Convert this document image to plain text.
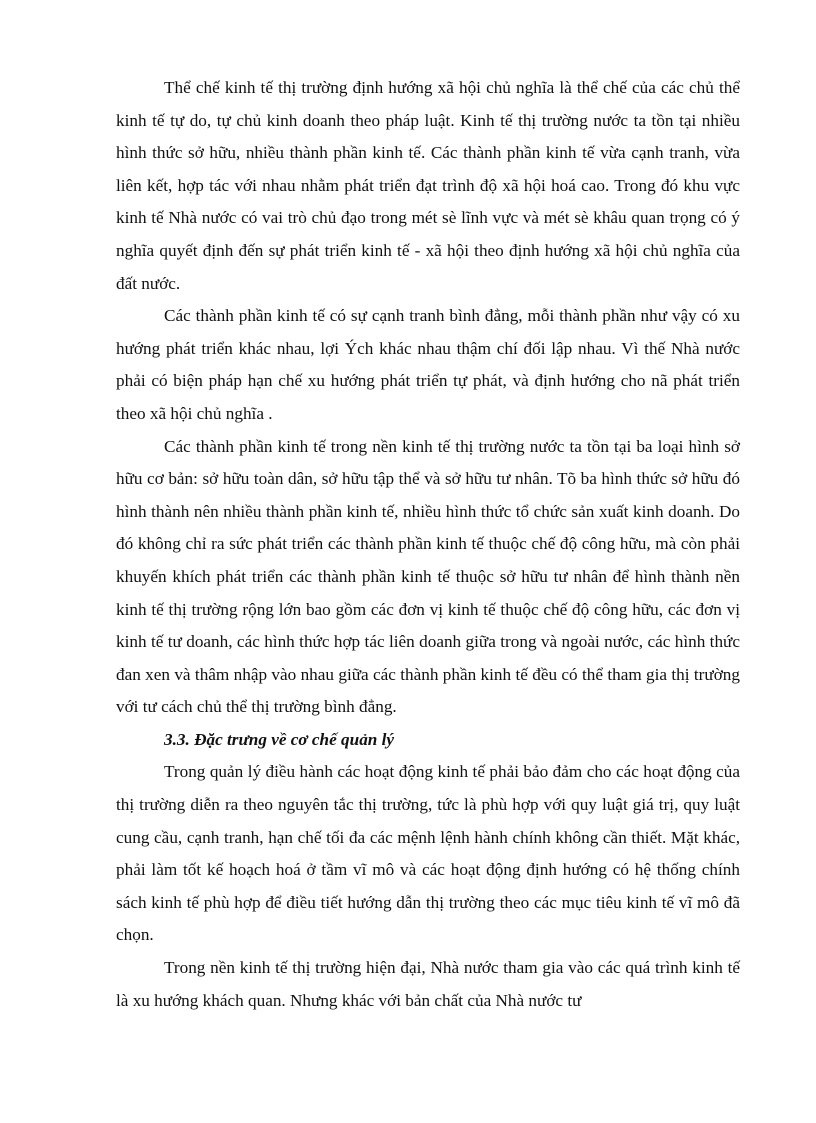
Thể chế kinh tế thị trường định hướng xã hội chủ nghĩa là thể chế của các chủ thể kinh tế tự do, tự chủ kinh doanh theo pháp luật. Kinh tế thị trường nước ta tồn tại nhiều hình thức sở hữu, nhiều thành phần kinh tế. Các thành phần kinh tế vừa cạnh tranh, vừa liên kết, hợp tác với nhau nhằm phát triển đạt trình độ xã hội hoá cao. Trong đó khu vực kinh tế Nhà nước có vai trò chủ đạo trong mét sè lĩnh vực và mét sè khâu quan trọng có ý nghĩa quyết định đến sự phát triển kinh tế - xã hội theo định hướng xã hội chủ nghĩa của đất nước.

Các thành phần kinh tế có sự cạnh tranh bình đẳng, mỗi thành phần như vậy có xu hướng phát triển khác nhau, lợi Ých khác nhau thậm chí đối lập nhau. Vì thế Nhà nước phải có biện pháp hạn chế xu hướng phát triển tự phát, và định hướng cho nã phát triển theo xã hội chủ nghĩa .

Các thành phần kinh tế trong nền kinh tế thị trường nước ta tồn tại ba loại hình sở hữu cơ bản: sở hữu toàn dân, sở hữu tập thể và sở hữu tư nhân. Tõ ba hình thức sở hữu đó hình thành nên nhiều thành phần kinh tế, nhiều hình thức tổ chức sản xuất kinh doanh. Do đó không chỉ ra sức phát triển các thành phần kinh tế thuộc chế độ công hữu, mà còn phải khuyến khích phát triển các thành phần kinh tế thuộc sở hữu tư nhân để hình thành nền kinh tế thị trường rộng lớn bao gồm các đơn vị kinh tế thuộc chế độ công hữu, các đơn vị kinh tế tư doanh, các hình thức hợp tác liên doanh giữa trong và ngoài nước, các hình thức đan xen và thâm nhập vào nhau giữa các thành phần kinh tế đều có thể tham gia thị trường với tư cách chủ thể thị trường bình đẳng.

3.3. Đặc trưng về cơ chế quản lý

Trong quản lý điều hành các hoạt động kinh tế phải bảo đảm cho các hoạt động của thị trường diễn ra theo nguyên tắc thị trường, tức là phù hợp với quy luật giá trị, quy luật cung cầu, cạnh tranh, hạn chế tối đa các mệnh lệnh hành chính không cần thiết. Mặt khác, phải làm tốt kế hoạch hoá ở tầm vĩ mô và các hoạt động định hướng có hệ thống chính sách kinh tế phù hợp để điều tiết hướng dẫn thị trường theo các mục tiêu kinh tế vĩ mô đã chọn.

Trong nền kinh tế thị trường hiện đại, Nhà nước tham gia vào các quá trình kinh tế là xu hướng khách quan. Nhưng khác với bản chất của Nhà nước tư
